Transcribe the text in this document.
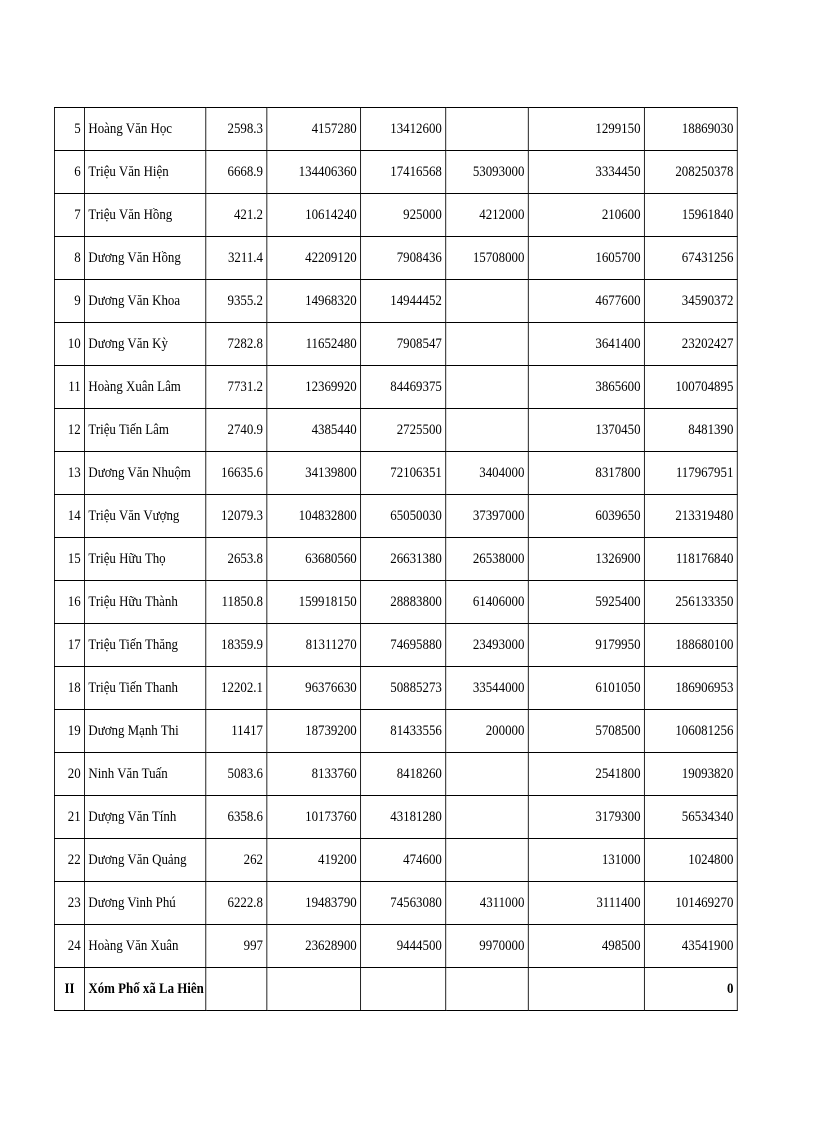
5	Hoàng Văn Học	2598.3	4157280	13412600		1299150	18869030
6	Triệu Văn Hiện	6668.9	134406360	17416568	53093000	3334450	208250378
7	Triệu Văn Hồng	421.2	10614240	925000	4212000	210600	15961840
8	Dương Văn Hồng	3211.4	42209120	7908436	15708000	1605700	67431256
9	Dương Văn Khoa	9355.2	14968320	14944452		4677600	34590372
10	Dương Văn Kỳ	7282.8	11652480	7908547		3641400	23202427
11	Hoàng Xuân Lâm	7731.2	12369920	84469375		3865600	100704895
12	Triệu Tiến Lâm	2740.9	4385440	2725500		1370450	8481390
13	Dương Văn Nhuộm	16635.6	34139800	72106351	3404000	8317800	117967951
14	Triệu Văn Vượng	12079.3	104832800	65050030	37397000	6039650	213319480
15	Triệu Hữu Thọ	2653.8	63680560	26631380	26538000	1326900	118176840
16	Triệu Hữu Thành	11850.8	159918150	28883800	61406000	5925400	256133350
17	Triệu Tiến Thăng	18359.9	81311270	74695880	23493000	9179950	188680100
18	Triệu Tiến Thanh	12202.1	96376630	50885273	33544000	6101050	186906953
19	Dương Mạnh Thi	11417	18739200	81433556	200000	5708500	106081256
20	Ninh Văn Tuấn	5083.6	8133760	8418260		2541800	19093820
21	Dượng Văn Tính	6358.6	10173760	43181280		3179300	56534340
22	Dương Văn Quảng	262	419200	474600		131000	1024800
23	Dương Vinh Phú	6222.8	19483790	74563080	4311000	3111400	101469270
24	Hoàng Văn Xuân	997	23628900	9444500	9970000	498500	43541900
II	Xóm Phố xã La Hiên						0
